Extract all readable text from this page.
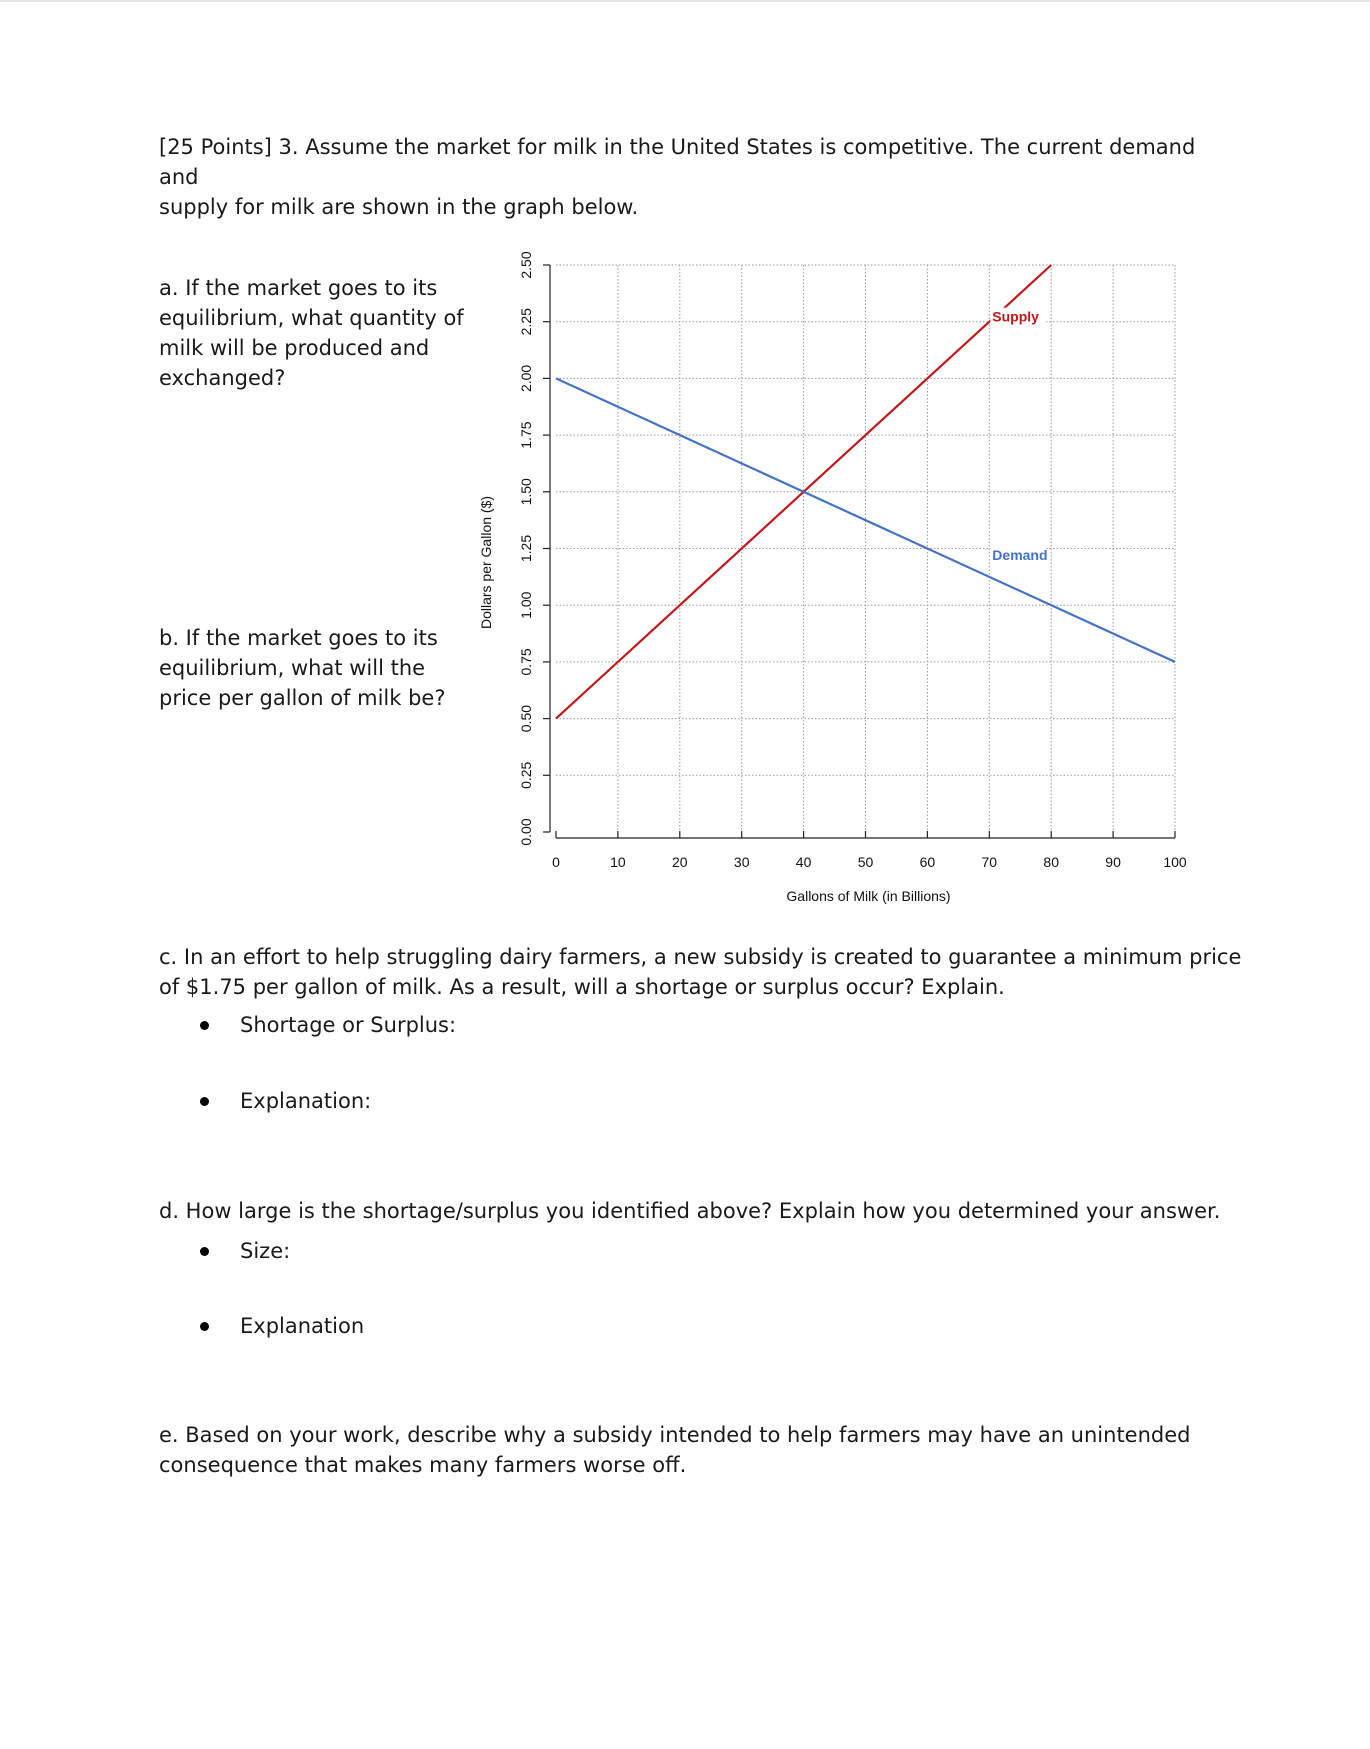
[25 Points] 3. Assume the market for milk in the United States is competitive. The current demand and

supply for milk are shown in the graph below.

a. If the market goes to its

equilibrium, what quantity of

milk will be produced and

exchanged?

b. If the market goes to its

equilibrium, what will the

price per gallon of milk be?

0	10	20	30	40	50	60	70	80	90	100
0.00
0.25
0.50
0.75
1.00
1.25
1.50
1.75
2.00
2.25
2.50
Supply
Demand
Gallons of Milk (in Billions)
Dollars per Gallon ($)

c. In an effort to help struggling dairy farmers, a new subsidy is created to guarantee a minimum price

of $1.75 per gallon of milk. As a result, will a shortage or surplus occur? Explain.

Shortage or Surplus:
Explanation:

d. How large is the shortage/surplus you identified above? Explain how you determined your answer.

Size:
Explanation

e. Based on your work, describe why a subsidy intended to help farmers may have an unintended

consequence that makes many farmers worse off.
